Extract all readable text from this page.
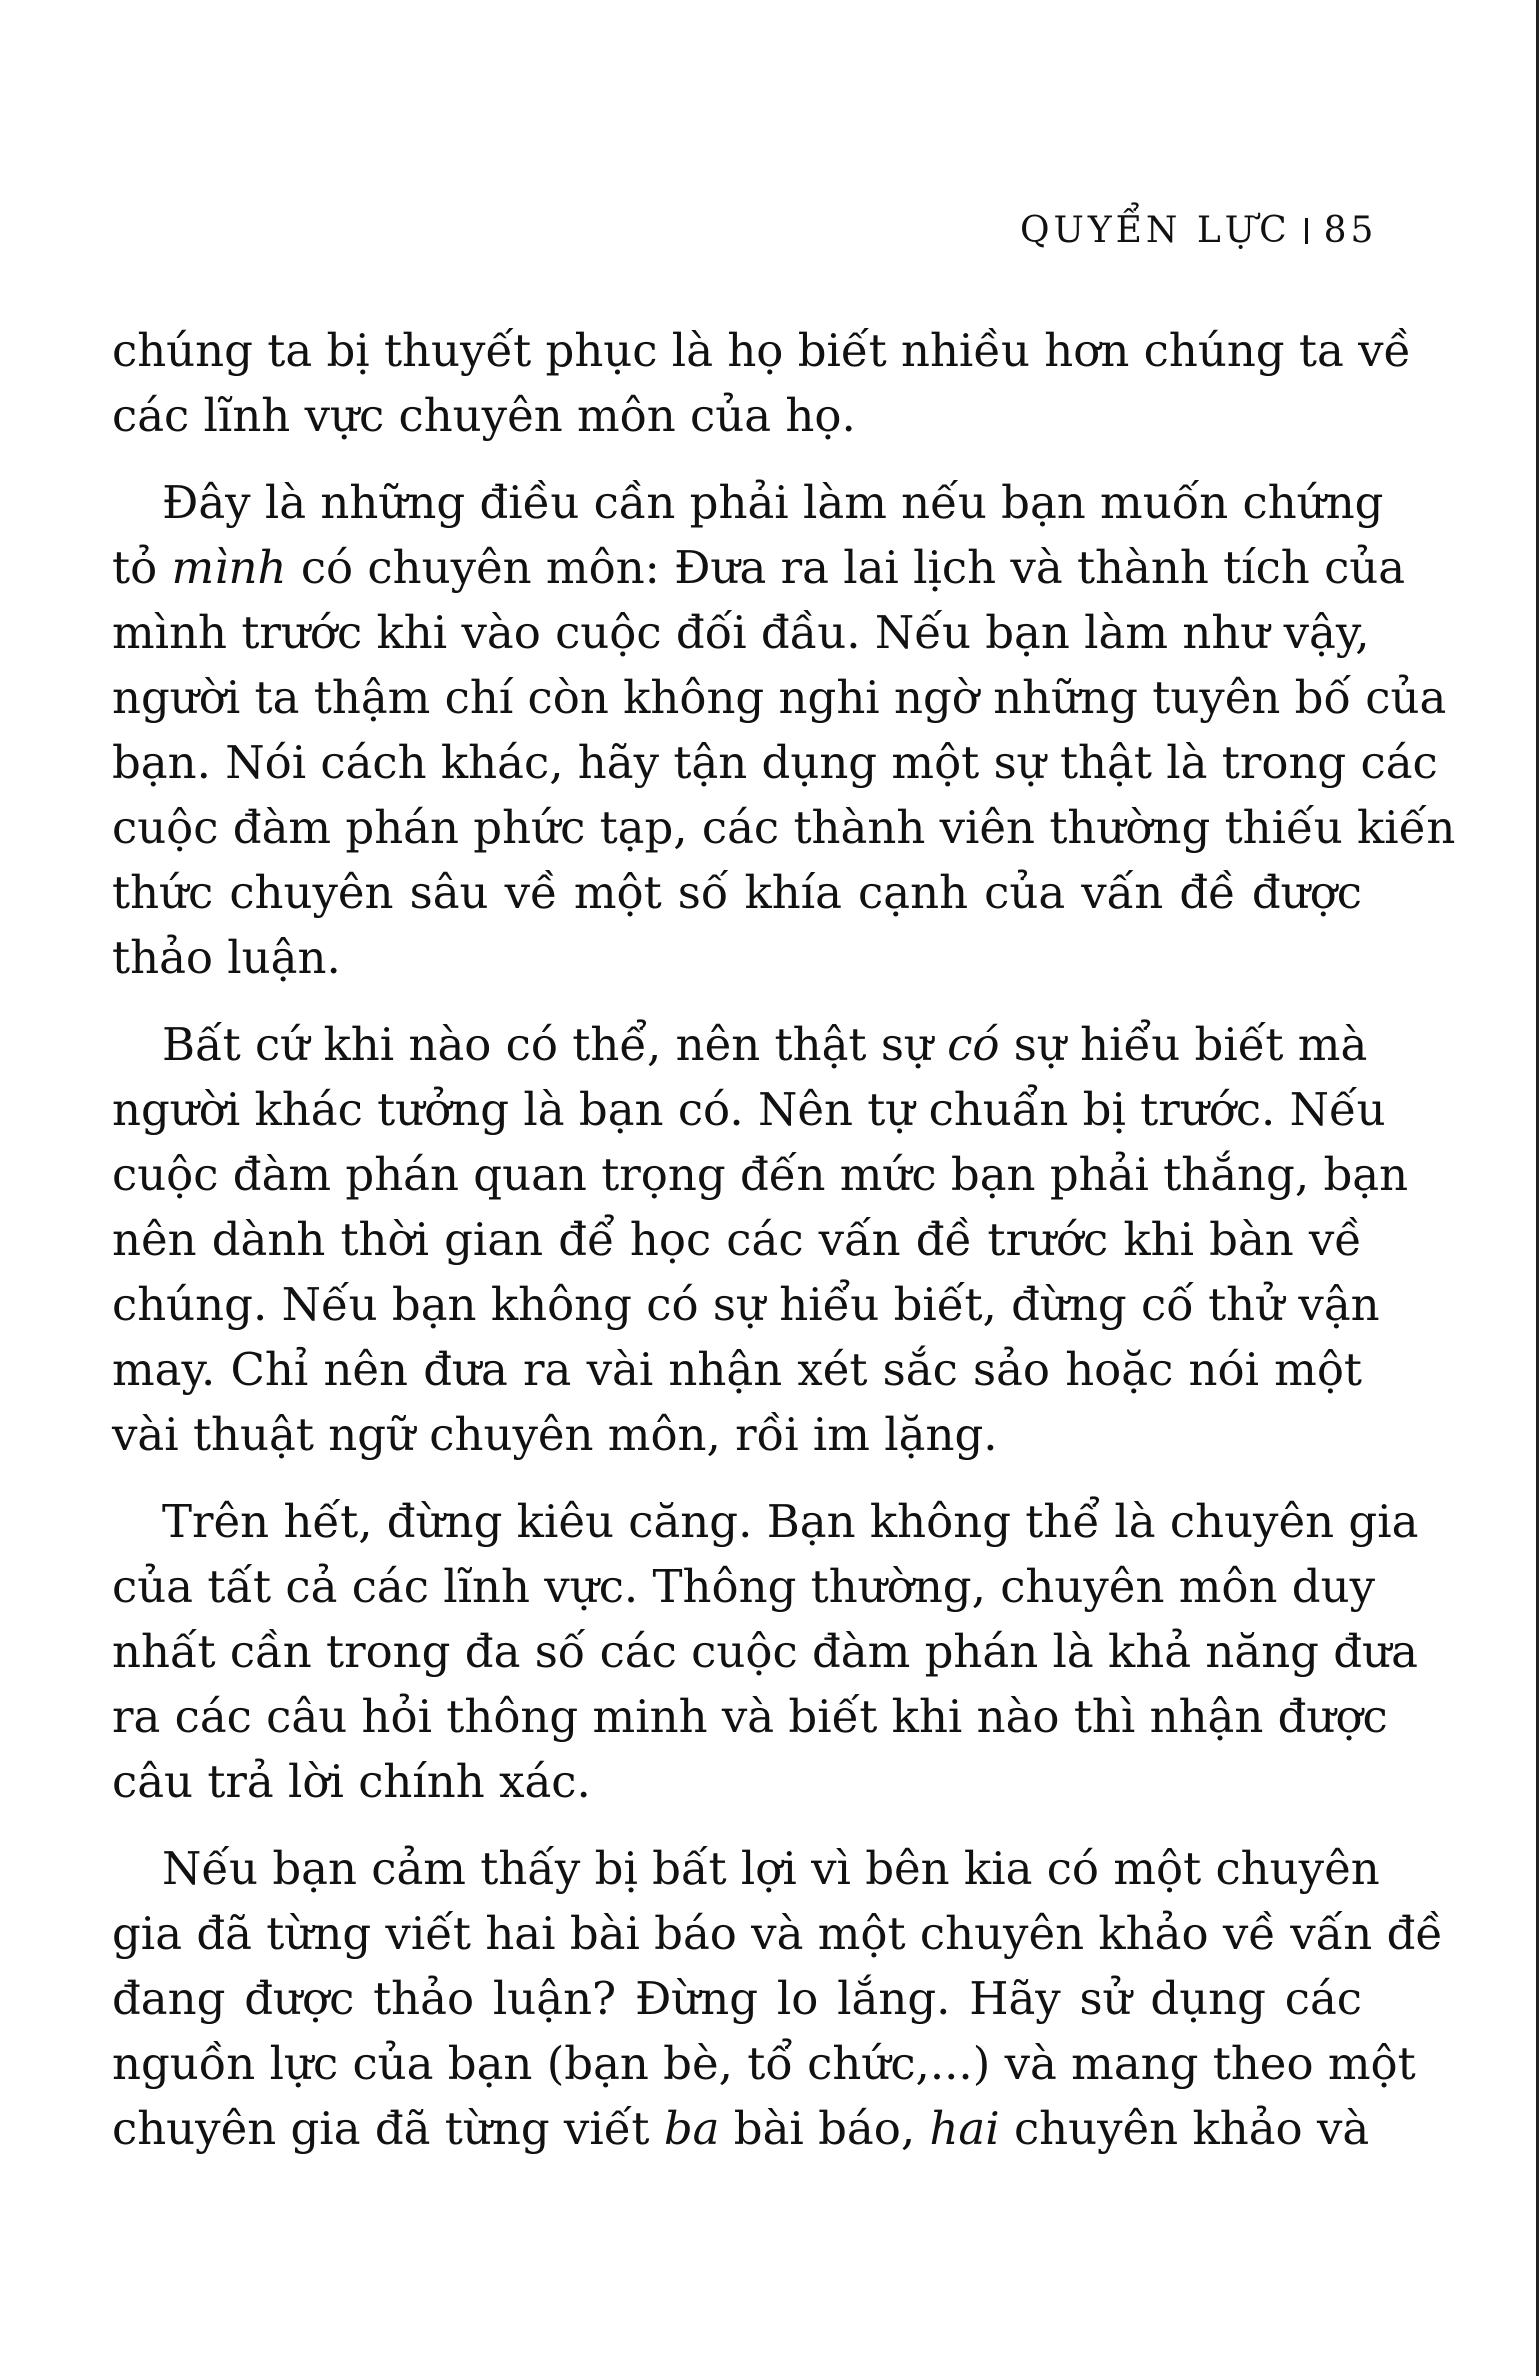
QUYỂN LỰC 85
chúng ta bị thuyết phục là họ biết nhiều hơn chúng ta về
các lĩnh vực chuyên môn của họ.
Đây là những điều cần phải làm nếu bạn muốn chứng
tỏ mình có chuyên môn: Đưa ra lai lịch và thành tích của
mình trước khi vào cuộc đối đầu. Nếu bạn làm như vậy,
người ta thậm chí còn không nghi ngờ những tuyên bố của
bạn. Nói cách khác, hãy tận dụng một sự thật là trong các
cuộc đàm phán phức tạp, các thành viên thường thiếu kiến
thức chuyên sâu về một số khía cạnh của vấn đề được
thảo luận.
Bất cứ khi nào có thể, nên thật sự có sự hiểu biết mà
người khác tưởng là bạn có. Nên tự chuẩn bị trước. Nếu
cuộc đàm phán quan trọng đến mức bạn phải thắng, bạn
nên dành thời gian để học các vấn đề trước khi bàn về
chúng. Nếu bạn không có sự hiểu biết, đừng cố thử vận
may. Chỉ nên đưa ra vài nhận xét sắc sảo hoặc nói một
vài thuật ngữ chuyên môn, rồi im lặng.
Trên hết, đừng kiêu căng. Bạn không thể là chuyên gia
của tất cả các lĩnh vực. Thông thường, chuyên môn duy
nhất cần trong đa số các cuộc đàm phán là khả năng đưa
ra các câu hỏi thông minh và biết khi nào thì nhận được
câu trả lời chính xác.
Nếu bạn cảm thấy bị bất lợi vì bên kia có một chuyên
gia đã từng viết hai bài báo và một chuyên khảo về vấn đề
đang được thảo luận? Đừng lo lắng. Hãy sử dụng các
nguồn lực của bạn (bạn bè, tổ chức,...) và mang theo một
chuyên gia đã từng viết ba bài báo, hai chuyên khảo và
